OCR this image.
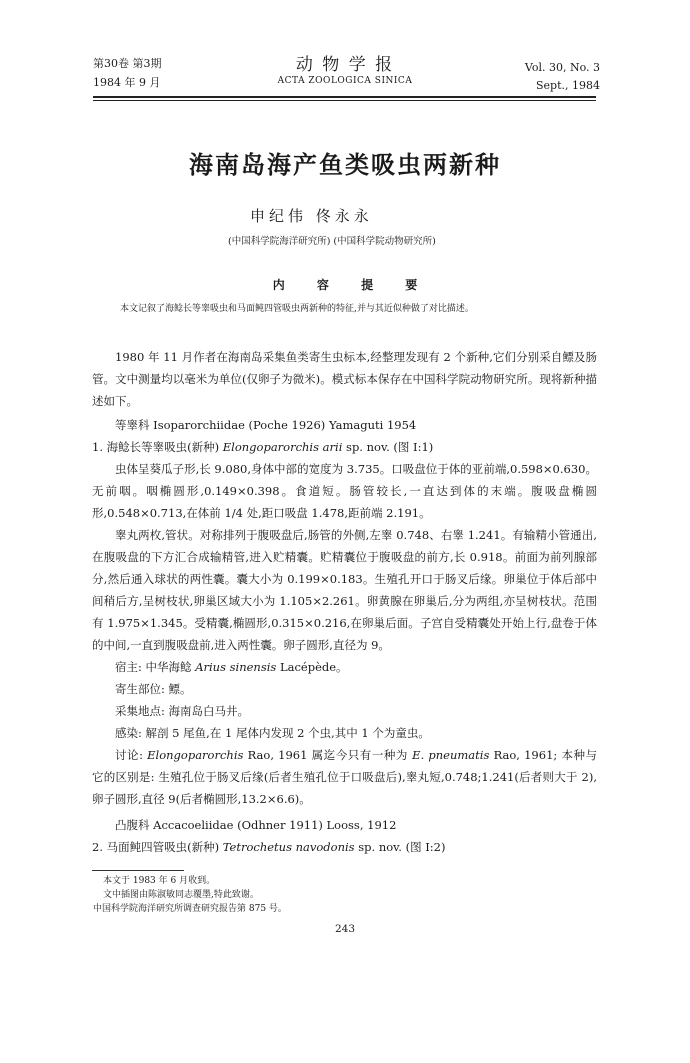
第30卷 第3期
1984 年 9 月
动 物 学 报
ACTA ZOOLOGICA SINICA
Vol. 30, No. 3
Sept., 1984
海南岛海产鱼类吸虫两新种
申纪伟 佟永永
(中国科学院海洋研究所) (中国科学院动物研究所)
内 容 提 要
本文记叙了海鲶长等睾吸虫和马面鲀四管吸虫两新种的特征,并与其近似种做了对比描述。

1980 年 11 月作者在海南岛采集鱼类寄生虫标本,经整理发现有 2 个新种,它们分别采自鳔及肠管。文中测量均以毫米为单位(仅卵子为微米)。模式标本保存在中国科学院动物研究所。现将新种描述如下。

等睾科 Isoparorchiidae (Poche 1926) Yamaguti 1954

1. 海鲶长等睾吸虫(新种) Elongoparorchis arii sp. nov. (图 I:1)

虫体呈葵瓜子形,长 9.080,身体中部的宽度为 3.735。口吸盘位于体的亚前端,0.598×0.630。无前咽。咽椭圆形,0.149×0.398。食道短。肠管较长,一直达到体的末端。腹吸盘椭圆形,0.548×0.713,在体前 1/4 处,距口吸盘 1.478,距前端 2.191。

睾丸两枚,管状。对称排列于腹吸盘后,肠管的外侧,左睾 0.748、右睾 1.241。有输精小管通出,在腹吸盘的下方汇合成输精管,进入贮精囊。贮精囊位于腹吸盘的前方,长 0.918。前面为前列腺部分,然后通入球状的两性囊。囊大小为 0.199×0.183。生殖孔开口于肠叉后缘。卵巢位于体后部中间稍后方,呈树枝状,卵巢区域大小为 1.105×2.261。卵黄腺在卵巢后,分为两组,亦呈树枝状。范围有 1.975×1.345。受精囊,椭圆形,0.315×0.216,在卵巢后面。子宫自受精囊处开始上行,盘卷于体的中间,一直到腹吸盘前,进入两性囊。卵子圆形,直径为 9。

宿主: 中华海鲶 Arius sinensis Lacépède。

寄生部位: 鳔。

采集地点: 海南岛白马井。

感染: 解剖 5 尾鱼,在 1 尾体内发现 2 个虫,其中 1 个为童虫。

讨论: Elongoparorchis Rao, 1961 属迄今只有一种为 E. pneumatis Rao, 1961; 本种与它的区别是: 生殖孔位于肠叉后缘(后者生殖孔位于口吸盘后),睾丸短,0.748;1.241(后者则大于 2),卵子圆形,直径 9(后者椭圆形,13.2×6.6)。

凸腹科 Accacoeliidae (Odhner 1911) Looss, 1912

2. 马面鲀四管吸虫(新种) Tetrochetus navodonis sp. nov. (图 I:2)

本文于 1983 年 6 月收到。
文中插图由陈淑敏同志覆墨,特此致谢。
中国科学院海洋研究所调查研究报告第 875 号。
243
